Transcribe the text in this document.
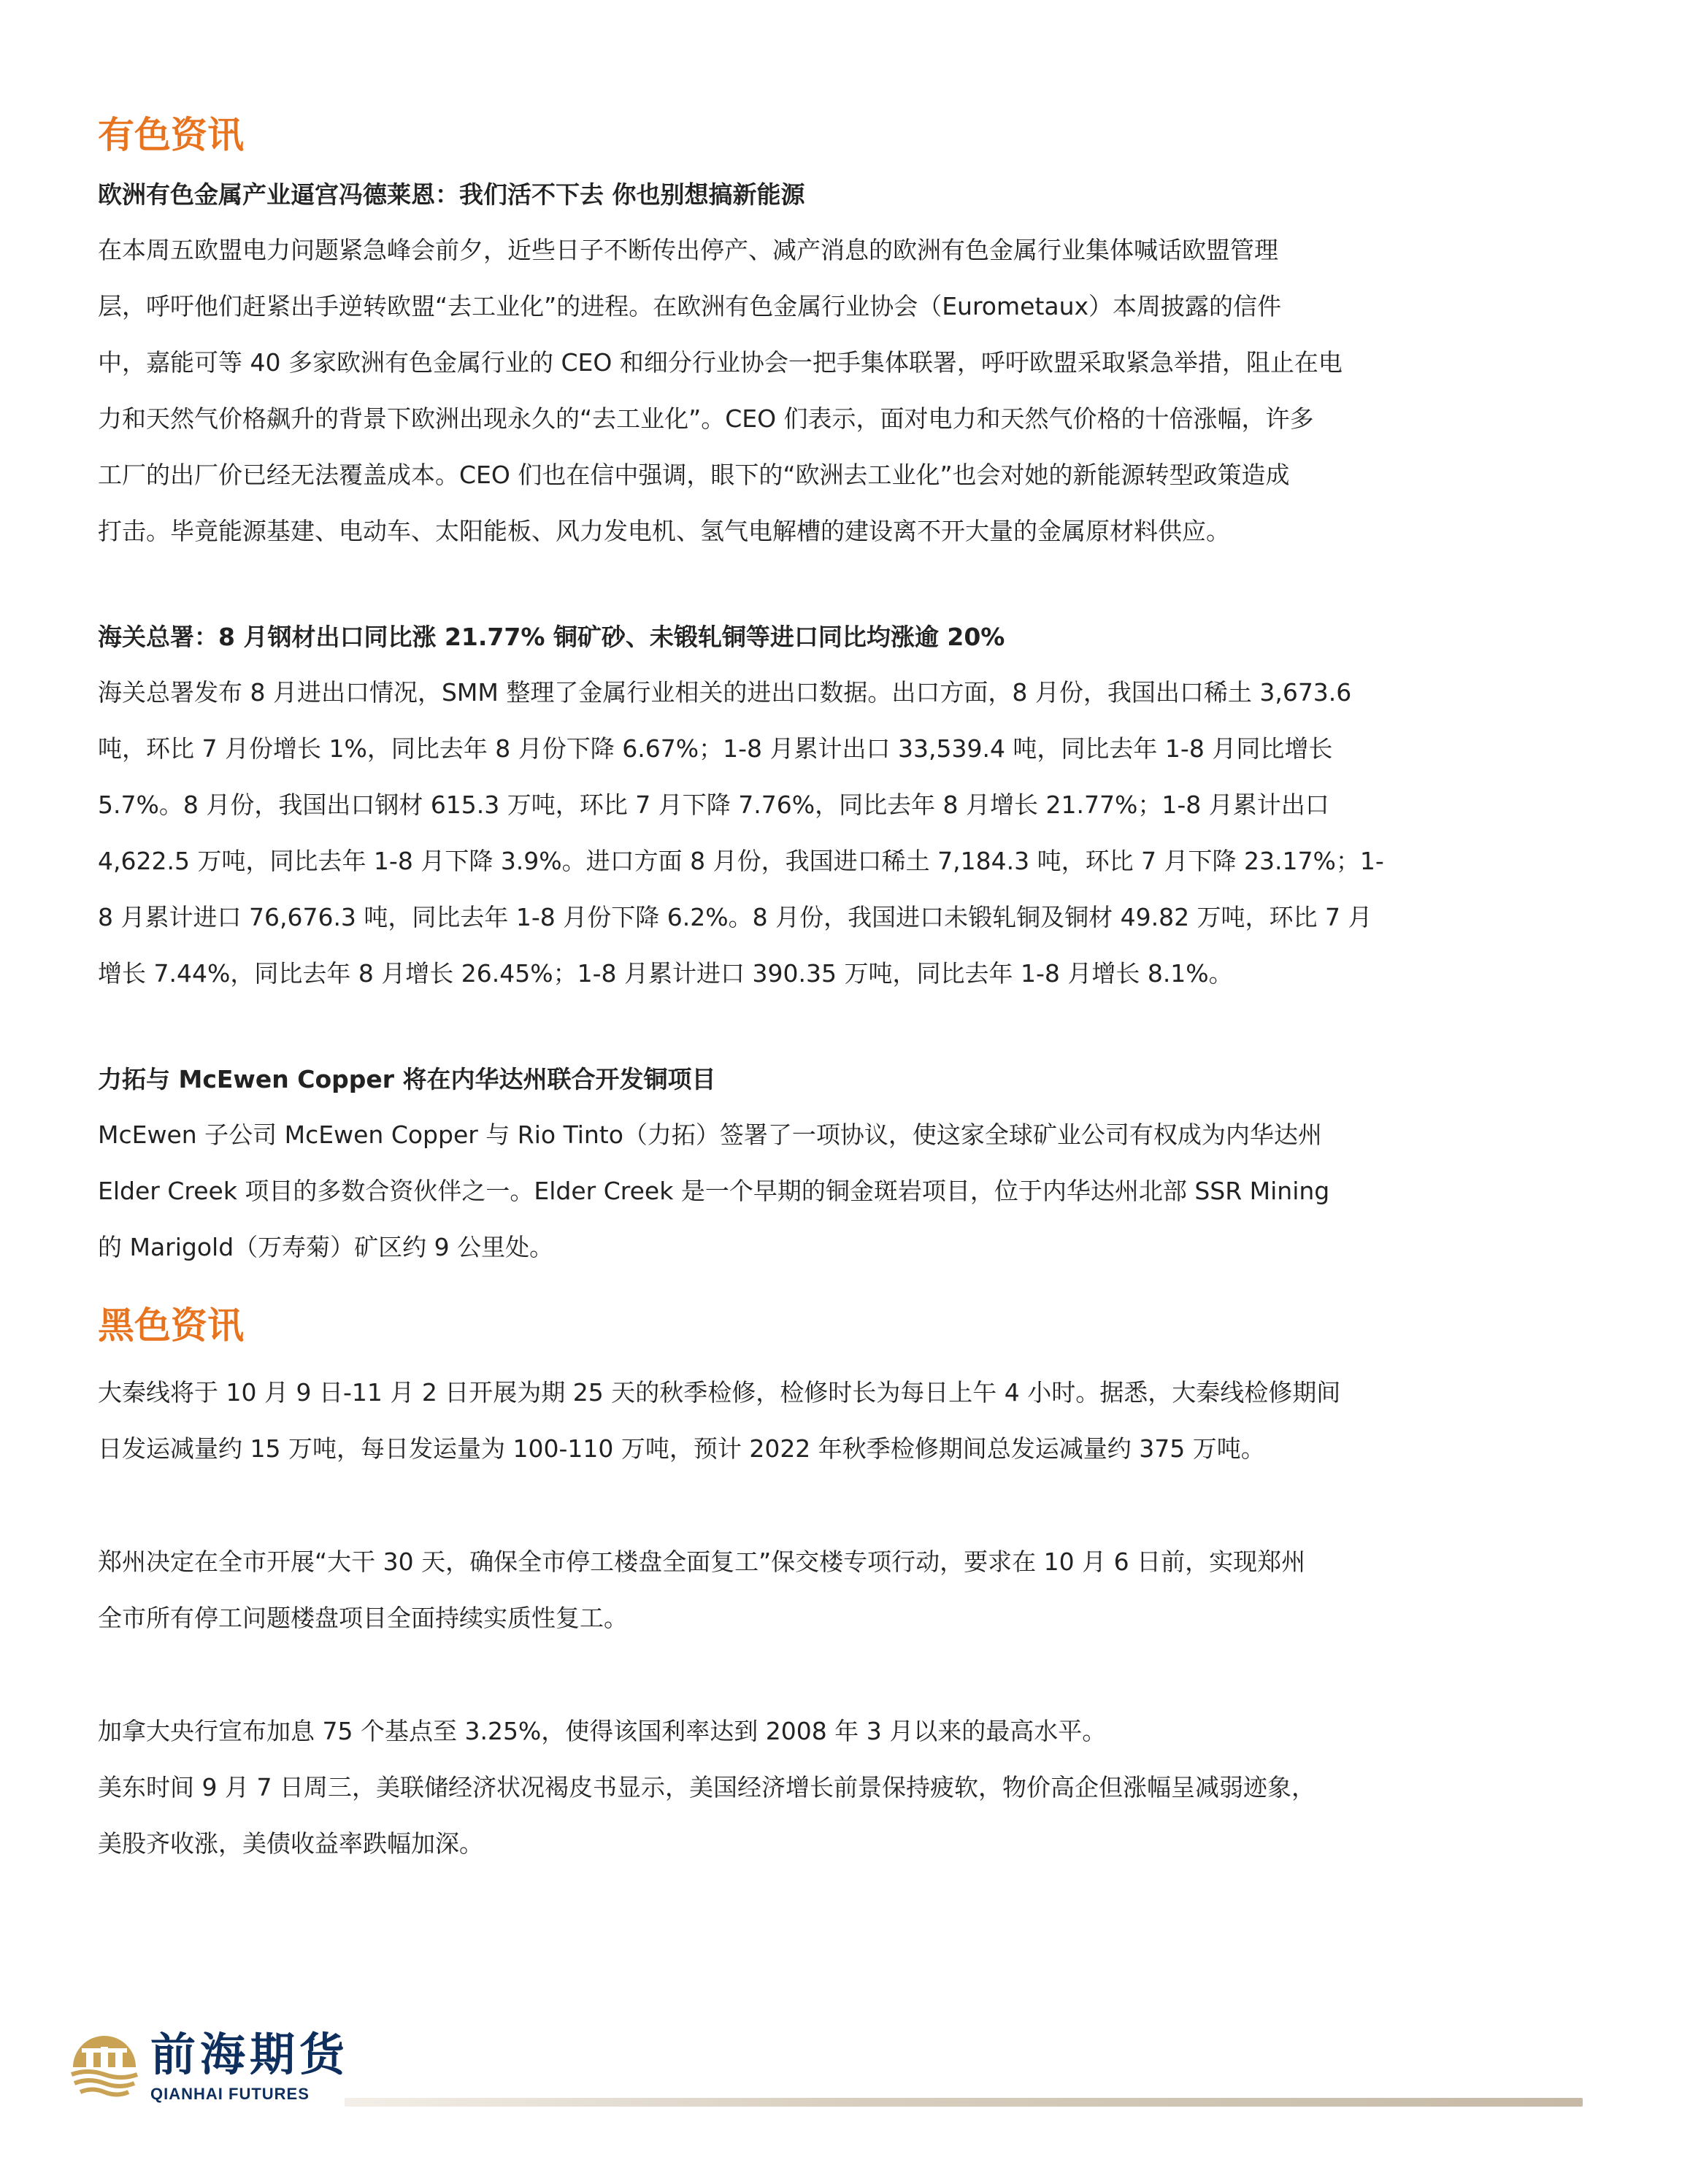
有色资讯
欧洲有色金属产业逼宫冯德莱恩：我们活不下去 你也别想搞新能源

在本周五欧盟电力问题紧急峰会前夕，近些日子不断传出停产、减产消息的欧洲有色金属行业集体喊话欧盟管理
层，呼吁他们赶紧出手逆转欧盟“去工业化”的进程。在欧洲有色金属行业协会（Eurometaux）本周披露的信件
中，嘉能可等 40 多家欧洲有色金属行业的 CEO 和细分行业协会一把手集体联署，呼吁欧盟采取紧急举措，阻止在电
力和天然气价格飙升的背景下欧洲出现永久的“去工业化”。CEO 们表示，面对电力和天然气价格的十倍涨幅，许多
工厂的出厂价已经无法覆盖成本。CEO 们也在信中强调，眼下的“欧洲去工业化”也会对她的新能源转型政策造成
打击。毕竟能源基建、电动车、太阳能板、风力发电机、氢气电解槽的建设离不开大量的金属原材料供应。

海关总署：8 月钢材出口同比涨 21.77% 铜矿砂、未锻轧铜等进口同比均涨逾 20%

海关总署发布 8 月进出口情况，SMM 整理了金属行业相关的进出口数据。出口方面，8 月份，我国出口稀土 3,673.6
吨，环比 7 月份增长 1%，同比去年 8 月份下降 6.67%；1-8 月累计出口 33,539.4 吨，同比去年 1-8 月同比增长
5.7%。8 月份，我国出口钢材 615.3 万吨，环比 7 月下降 7.76%，同比去年 8 月增长 21.77%；1-8 月累计出口
4,622.5 万吨，同比去年 1-8 月下降 3.9%。进口方面 8 月份，我国进口稀土 7,184.3 吨，环比 7 月下降 23.17%；1-
8 月累计进口 76,676.3 吨，同比去年 1-8 月份下降 6.2%。8 月份，我国进口未锻轧铜及铜材 49.82 万吨，环比 7 月
增长 7.44%，同比去年 8 月增长 26.45%；1-8 月累计进口 390.35 万吨，同比去年 1-8 月增长 8.1%。

力拓与 McEwen Copper 将在内华达州联合开发铜项目

McEwen 子公司 McEwen Copper 与 Rio Tinto（力拓）签署了一项协议，使这家全球矿业公司有权成为内华达州
Elder Creek 项目的多数合资伙伴之一。Elder Creek 是一个早期的铜金斑岩项目，位于内华达州北部 SSR Mining
的 Marigold（万寿菊）矿区约 9 公里处。

黑色资讯

大秦线将于 10 月 9 日-11 月 2 日开展为期 25 天的秋季检修，检修时长为每日上午 4 小时。据悉，大秦线检修期间
日发运减量约 15 万吨，每日发运量为 100-110 万吨，预计 2022 年秋季检修期间总发运减量约 375 万吨。

郑州决定在全市开展“大干 30 天，确保全市停工楼盘全面复工”保交楼专项行动，要求在 10 月 6 日前，实现郑州
全市所有停工问题楼盘项目全面持续实质性复工。

加拿大央行宣布加息 75 个基点至 3.25%，使得该国利率达到 2008 年 3 月以来的最高水平。
美东时间 9 月 7 日周三，美联储经济状况褐皮书显示，美国经济增长前景保持疲软，物价高企但涨幅呈减弱迹象，
美股齐收涨，美债收益率跌幅加深。

前海期货
QIANHAI FUTURES
